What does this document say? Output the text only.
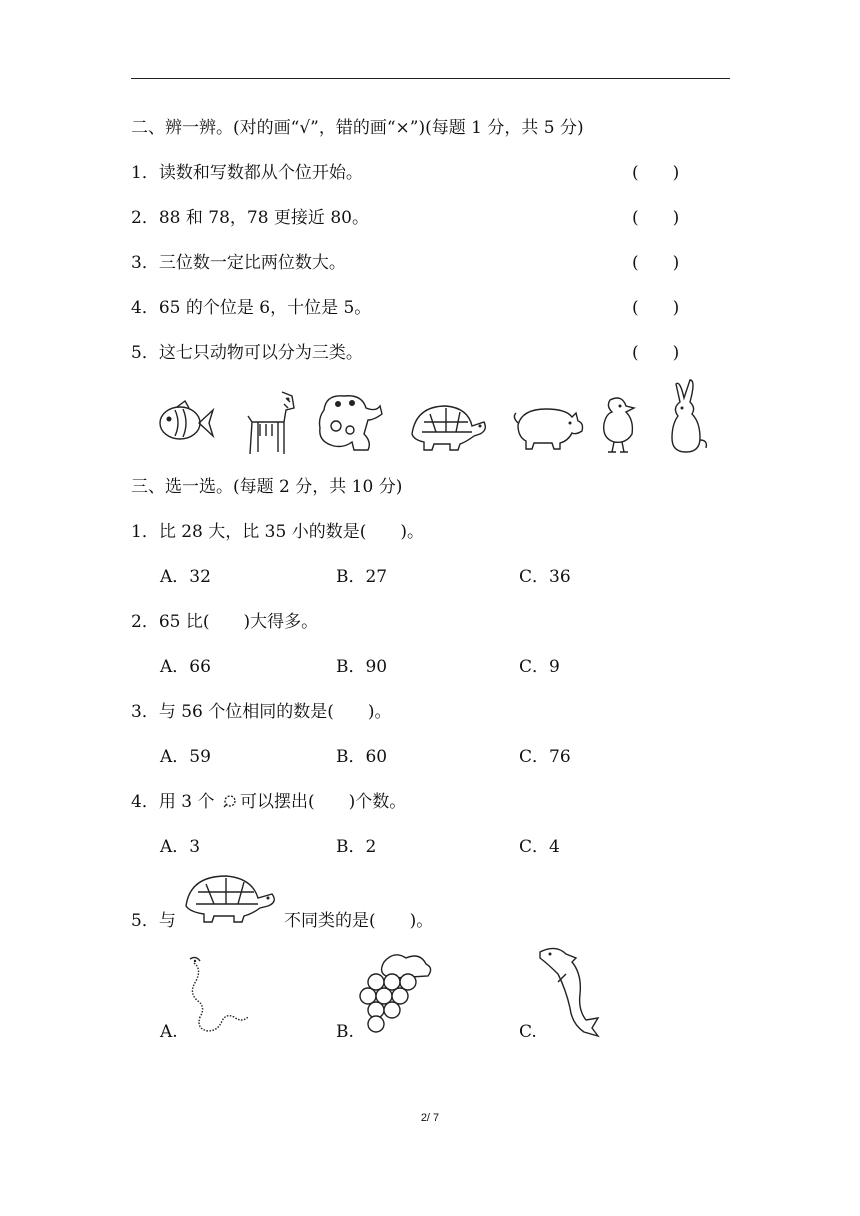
二、辨一辨。(对的画“√”，错的画“×”)(每题 1 分，共 5 分)
1．读数和写数都从个位开始。	(　　)
2．88 和 78，78 更接近 80。	(　　)
3．三位数一定比两位数大。	(　　)
4．65 的个位是 6，十位是 5。	(　　)
5．这七只动物可以分为三类。	(　　)
三、选一选。(每题 2 分，共 10 分)
1．比 28 大，比 35 小的数是(　　)。
A．32	B．27	C．36
2．65 比(　　)大得多。
A．66	B．90	C．9
3．与 56 个位相同的数是(　　)。
A．59	B．60	C．76
4．用 3 个 可以摆出(　　)个数。
A．3	B．2	C．4
5．与	不同类的是(　　)。
A.	B.	C.
2/ 7
